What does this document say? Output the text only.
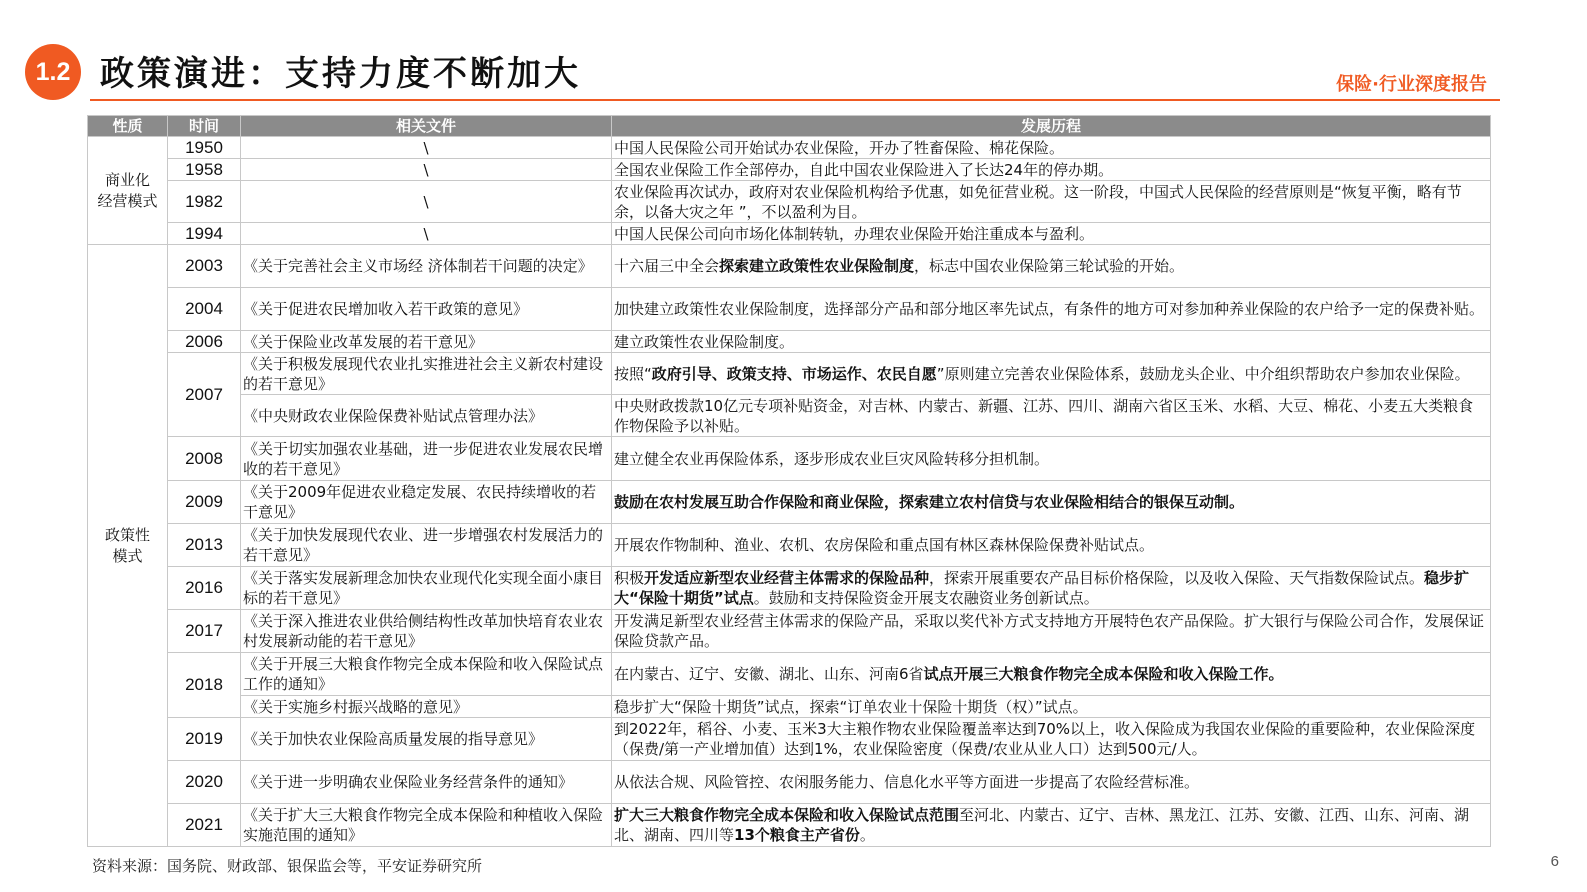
1.2 政策演进：支持力度不断加大	保险·行业深度报告
性质	时间	相关文件	发展历程

商业化
经营模式	1950	\	中国人民保险公司开始试办农业保险，开办了牲畜保险、棉花保险。
	1958	\	全国农业保险工作全部停办，自此中国农业保险进入了长达24年的停办期。
	1982	\	农业保险再次试办，政府对农业保险机构给予优惠，如免征营业税。这一阶段，中国式人民保险的经营原则是“恢复平衡，略有节余，以备大灾之年 ”，不以盈利为目。
	1994	\	中国人民保公司向市场化体制转轨，办理农业保险开始注重成本与盈利。

政策性
模式	2003	《关于完善社会主义市场经 济体制若干问题的决定》	十六届三中全会探索建立政策性农业保险制度，标志中国农业保险第三轮试验的开始。
	2004	《关于促进农民增加收入若干政策的意见》	加快建立政策性农业保险制度，选择部分产品和部分地区率先试点，有条件的地方可对参加种养业保险的农户给予一定的保费补贴。
	2006	《关于保险业改革发展的若干意见》	建立政策性农业保险制度。
	2007	《关于积极发展现代农业扎实推进社会主义新农村建设的若干意见》	按照“政府引导、政策支持、市场运作、农民自愿”原则建立完善农业保险体系，鼓励龙头企业、中介组织帮助农户参加农业保险。
		《中央财政农业保险保费补贴试点管理办法》	中央财政拨款10亿元专项补贴资金，对吉林、内蒙古、新疆、江苏、四川、湖南六省区玉米、水稻、大豆、棉花、小麦五大类粮食作物保险予以补贴。
	2008	《关于切实加强农业基础，进一步促进农业发展农民增收的若干意见》	建立健全农业再保险体系，逐步形成农业巨灾风险转移分担机制。
	2009	《关于2009年促进农业稳定发展、农民持续增收的若干意见》	鼓励在农村发展互助合作保险和商业保险，探索建立农村信贷与农业保险相结合的银保互动制。
	2013	《关于加快发展现代农业、进一步增强农村发展活力的若干意见》	开展农作物制种、渔业、农机、农房保险和重点国有林区森林保险保费补贴试点。
	2016	《关于落实发展新理念加快农业现代化实现全面小康目标的若干意见》	积极开发适应新型农业经营主体需求的保险品种，探索开展重要农产品目标价格保险，以及收入保险、天气指数保险试点。稳步扩大“保险十期货”试点。鼓励和支持保险资金开展支农融资业务创新试点。
	2017	《关于深入推进农业供给侧结构性改革加快培育农业农村发展新动能的若干意见》	开发满足新型农业经营主体需求的保险产品，采取以奖代补方式支持地方开展特色农产品保险。扩大银行与保险公司合作，发展保证保险贷款产品。
	2018	《关于开展三大粮食作物完全成本保险和收入保险试点工作的通知》	在内蒙古、辽宁、安徽、湖北、山东、河南6省试点开展三大粮食作物完全成本保险和收入保险工作。
		《关于实施乡村振兴战略的意见》	稳步扩大“保险十期货”试点，探索“订单农业十保险十期货（权）”试点。
	2019	《关于加快农业保险高质量发展的指导意见》	到2022年，稻谷、小麦、玉米3大主粮作物农业保险覆盖率达到70%以上，收入保险成为我国农业保险的重要险种，农业保险深度（保费/第一产业增加值）达到1%，农业保险密度（保费/农业从业人口）达到500元/人。
	2020	《关于进一步明确农业保险业务经营条件的通知》	从依法合规、风险管控、农闲服务能力、信息化水平等方面进一步提高了农险经营标准。
	2021	《关于扩大三大粮食作物完全成本保险和种植收入保险实施范围的通知》	扩大三大粮食作物完全成本保险和收入保险试点范围至河北、内蒙古、辽宁、吉林、黑龙江、江苏、安徽、江西、山东、河南、湖北、湖南、四川等13个粮食主产省份。
资料来源：国务院、财政部、银保监会等，平安证券研究所	6
